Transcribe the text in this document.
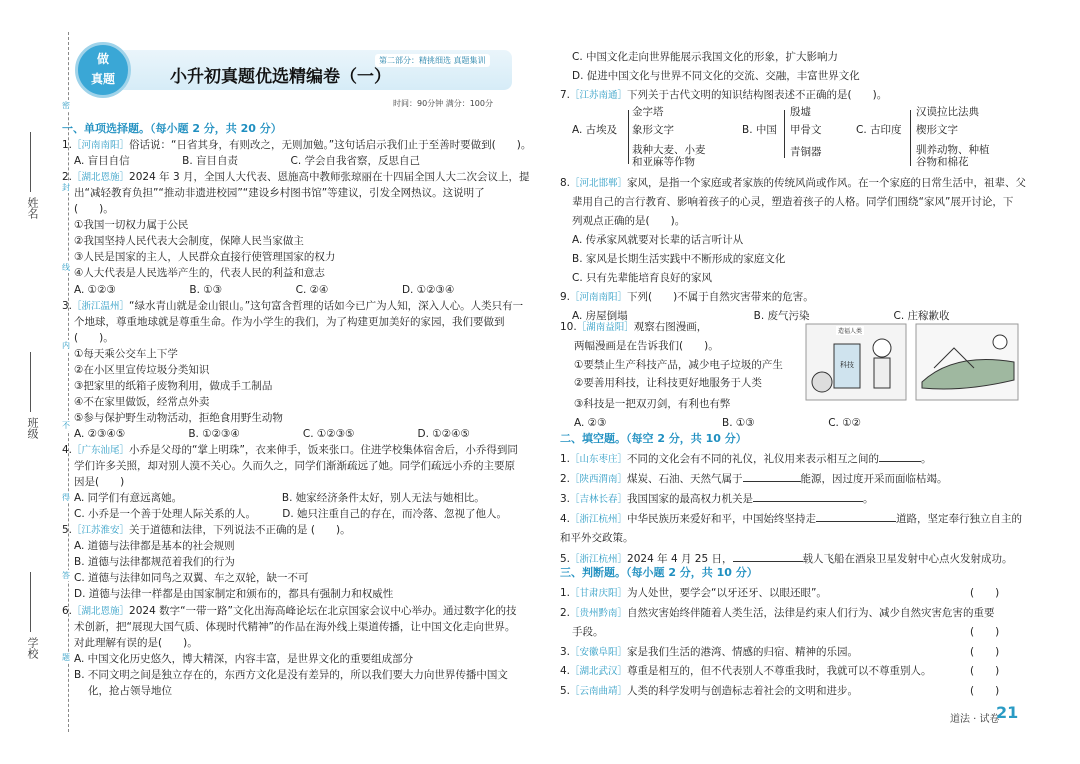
密
封
线
内
不
得
答
题
姓名
班级
学校
做
真题	小升初真题优选精编卷（一）
第二部分：精挑细选 真题集训
时间：90分钟 满分：100分
一、单项选择题。（每小题 2 分，共 20 分）
1.［河南南阳］俗话说：“日省其身，有则改之，无则加勉。”这句话启示我们止于至善时要做到(　　)。
A. 盲目自信　　　　　B. 盲目自责　　　　　C. 学会自我省察，反思自己
2.［湖北恩施］2024 年 3 月，全国人大代表、恩施高中教师张琼丽在十四届全国人大二次会议上，提
出“减轻教育负担”“推动非遗进校园”“建设乡村图书馆”等建议，引发全网热议。这说明了
(　　)。
①我国一切权力属于公民
②我国坚持人民代表大会制度，保障人民当家做主
③人民是国家的主人，人民群众直接行使管理国家的权力
④人大代表是人民选举产生的，代表人民的利益和意志
A. ①②③　　　　　　　B. ①③　　　　　　　C. ②④　　　　　　　D. ①②③④
3.［浙江温州］“绿水青山就是金山银山。”这句富含哲理的话如今已广为人知，深入人心。人类只有一
个地球，尊重地球就是尊重生命。作为小学生的我们，为了构建更加美好的家园，我们要做到
(　　)。
①每天乘公交车上下学
②在小区里宣传垃圾分类知识
③把家里的纸箱子废物利用，做成手工制品
④不在家里做饭，经常点外卖
⑤参与保护野生动物活动，拒绝食用野生动物
A. ②③④⑤　　　　　　B. ①②③④　　　　　　C. ①②③⑤　　　　　　D. ①②④⑤
4.［广东汕尾］小乔是父母的“掌上明珠”，衣来伸手，饭来张口。住进学校集体宿舍后，小乔得到同
学们许多关照，却对别人漠不关心。久而久之，同学们渐渐疏远了她。同学们疏远小乔的主要原
因是(　　)
A. 同学们有意远离她。　　　　　　　　　　B. 她家经济条件太好，别人无法与她相比。
C. 小乔是一个善于处理人际关系的人。　　　D. 她只注重自己的存在，而冷落、忽视了他人。
5.［江苏淮安］关于道德和法律，下列说法不正确的是 (　　)。
A. 道德与法律都是基本的社会规则
B. 道德与法律都规范着我们的行为
C. 道德与法律如同鸟之双翼、车之双轮，缺一不可
D. 道德与法律一样都是由国家制定和颁布的，都具有强制力和权威性
6.［湖北恩施］2024 数字“一带一路”文化出海高峰论坛在北京国家会议中心举办。通过数字化的技
术创新，把“展现大国气质、体现时代精神”的作品在海外线上渠道传播，让中国文化走向世界。
对此理解有误的是(　　)。
A. 中国文化历史悠久，博大精深，内容丰富，是世界文化的重要组成部分
B. 不同文明之间是独立存在的，东西方文化是没有差异的，所以我们要大力向世界传播中国文
化，抢占领导地位
C. 中国文化走向世界能展示我国文化的形象，扩大影响力
D. 促进中国文化与世界不同文化的交流、交融，丰富世界文化
7.［江苏南通］下列关于古代文明的知识结构图表述不正确的是(　　)。
A. 古埃及
金字塔
象形文字
栽种大麦、小麦
和亚麻等作物
B. 中国
殷墟
甲骨文
青铜器
C. 古印度
汉谟拉比法典
楔形文字
驯养动物、种植
谷物和棉花
8.［河北邯郸］家风，是指一个家庭或者家族的传统风尚或作风。在一个家庭的日常生活中，祖辈、父
辈用自己的言行教育、影响着孩子的心灵，塑造着孩子的人格。同学们围绕“家风”展开讨论，下
列观点正确的是(　　)。
A. 传承家风就要对长辈的话言听计从
B. 家风是长期生活实践中不断形成的家庭文化
C. 只有先辈能培育良好的家风
9.［河南南阳］下列(　　)不属于自然灾害带来的危害。
A. 房屋倒塌　　　　　　　　　　　　B. 废气污染　　　　　　　　C. 庄稼歉收
10.［湖南益阳］观察右图漫画，
两幅漫画是在告诉我们(　　)。
①要禁止生产科技产品，减少电子垃圾的产生
②要善用科技，让科技更好地服务于人类
③科技是一把双刃剑，有利也有弊
A. ②③　　　　　　　　　　　B. ①③　　　　　　　C. ①②
造福人类
科技
二、填空题。（每空 2 分，共 10 分）
1.［山东枣庄］不同的文化会有不同的礼仪，礼仪用来表示相互之间的	。
2.［陕西渭南］煤炭、石油、天然气属于	能源，因过度开采而面临枯竭。
3.［吉林长春］我国国家的最高权力机关是	。
4.［浙江杭州］中华民族历来爱好和平，中国始终坚持走	道路，坚定奉行独立自主的
和平外交政策。
5.［浙江杭州］2024 年 4 月 25 日，	载人飞船在酒泉卫星发射中心点火发射成功。
三、判断题。（每小题 2 分，共 10 分）
1.［甘肃庆阳］为人处世，要学会“以牙还牙、以眼还眼”。	(　　)
2.［贵州黔南］自然灾害始终伴随着人类生活，法律是约束人们行为、减少自然灾害危害的重要
手段。	(　　)
3.［安徽阜阳］家是我们生活的港湾、情感的归宿、精神的乐园。	(　　)
4.［湖北武汉］尊重是相互的，但不代表别人不尊重我时，我就可以不尊重别人。	(　　)
5.［云南曲靖］人类的科学发明与创造标志着社会的文明和进步。	(　　)
道法 · 试卷
21
